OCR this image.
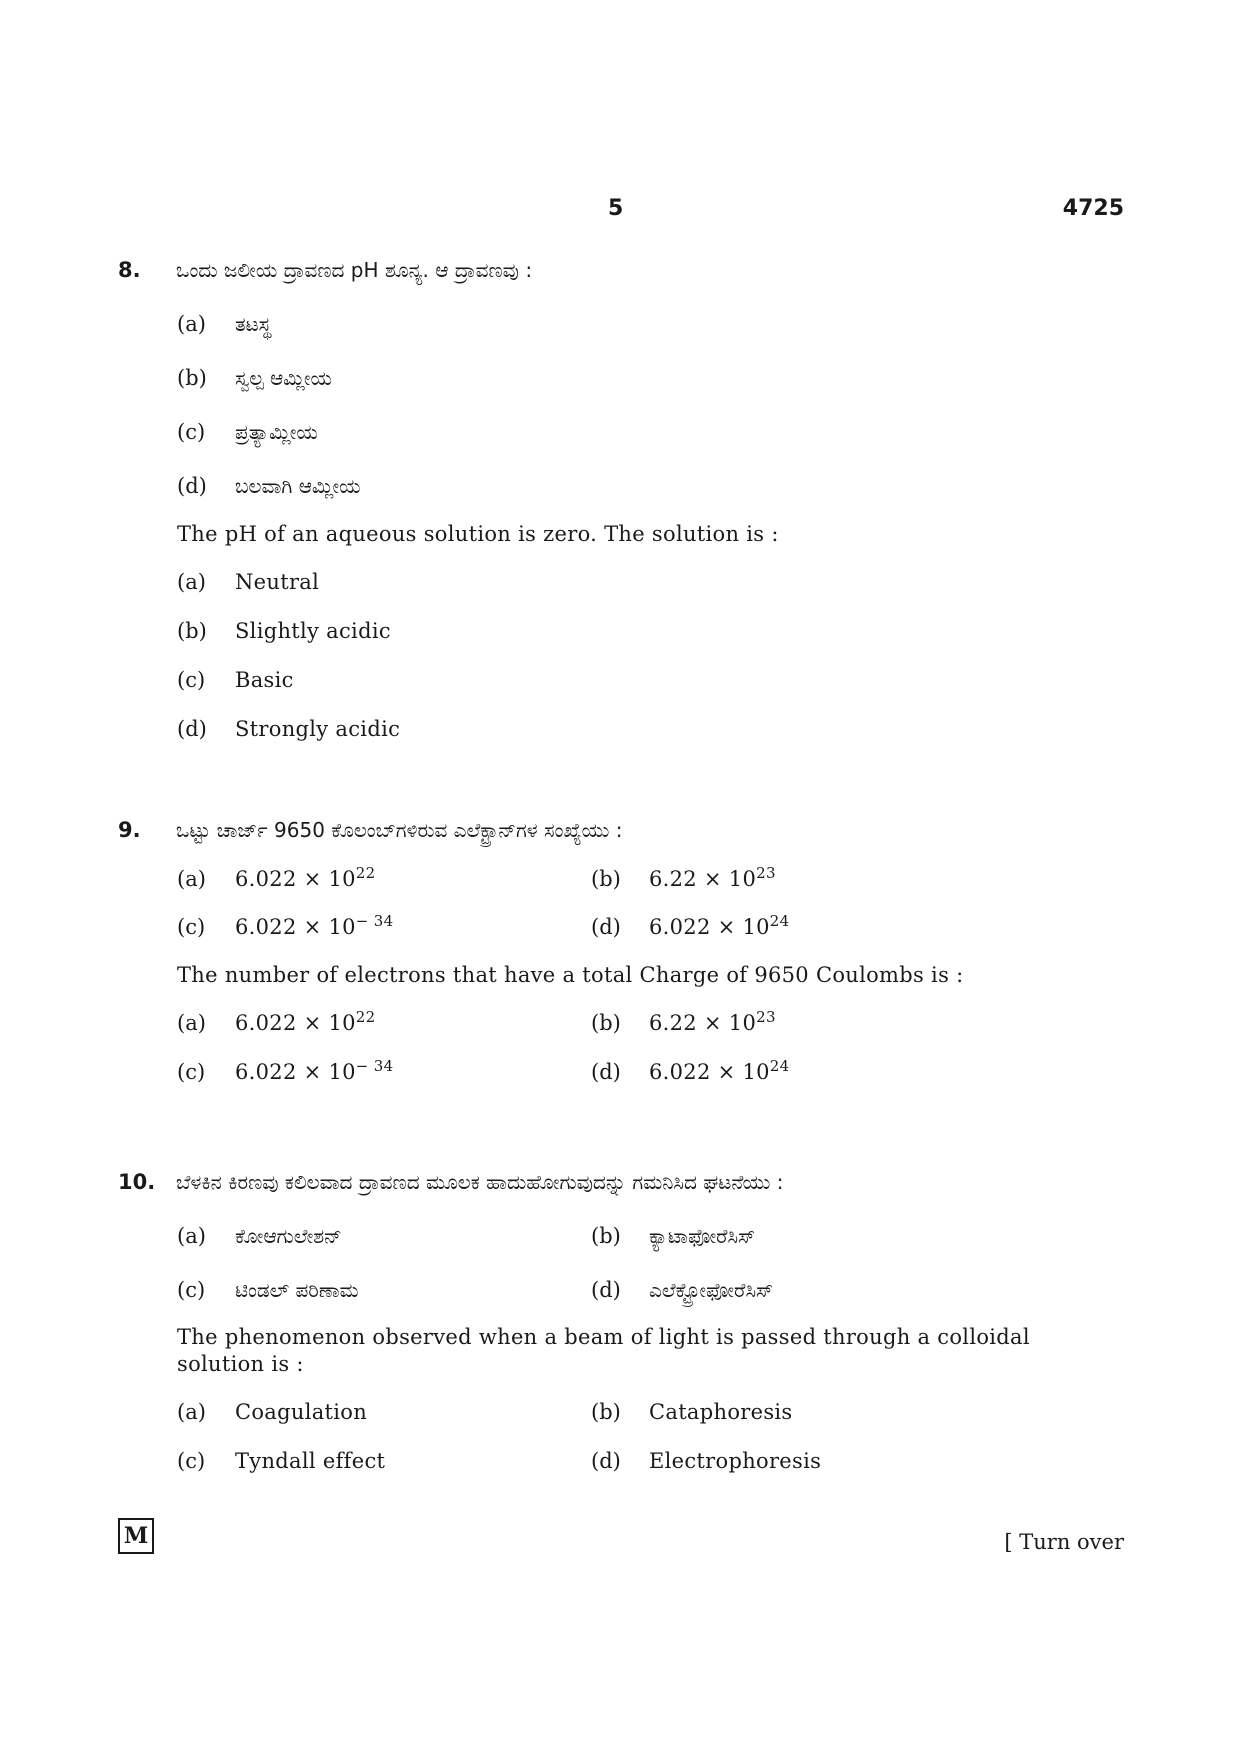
5	4725
8.	ಒಂದು ಜಲೀಯ ದ್ರಾವಣದ pH ಶೂನ್ಯ. ಆ ದ್ರಾವಣವು :
(a)	ತಟಸ್ಥ
(b)	ಸ್ವಲ್ಪ ಆಮ್ಲೀಯ
(c)	ಪ್ರತ್ಯಾಮ್ಲೀಯ
(d)	ಬಲವಾಗಿ ಆಮ್ಲೀಯ
The pH of an aqueous solution is zero. The solution is :
(a)	Neutral
(b)	Slightly acidic
(c)	Basic
(d)	Strongly acidic
9.	ಒಟ್ಟು ಚಾರ್ಜ್ 9650 ಕೊಲಂಬ್‌ಗಳಿರುವ ಎಲೆಕ್ಟ್ರಾನ್‌ಗಳ ಸಂಖ್ಯೆಯು :
(a)	$6.022 \times 10^{22}$	(b)	$6.22 \times 10^{23}$
(c)	$6.022 \times 10^{- 34}$	(d)	$6.022 \times 10^{24}$
The number of electrons that have a total Charge of 9650 Coulombs is :
(a)	$6.022 \times 10^{22}$	(b)	$6.22 \times 10^{23}$
(c)	$6.022 \times 10^{- 34}$	(d)	$6.022 \times 10^{24}$
10.	ಬೆಳಕಿನ ಕಿರಣವು ಕಲಿಲವಾದ ದ್ರಾವಣದ ಮೂಲಕ ಹಾದುಹೋಗುವುದನ್ನು ಗಮನಿಸಿದ ಘಟನೆಯು :
(a)	ಕೋಆಗುಲೇಶನ್	(b)	ಕ್ಯಾಟಾಫೋರೆಸಿಸ್
(c)	ಟಿಂಡಲ್ ಪರಿಣಾಮ	(d)	ಎಲೆಕ್ಟ್ರೋಫೋರೆಸಿಸ್
The phenomenon observed when a beam of light is passed through a colloidal
solution is :
(a)	Coagulation	(b)	Cataphoresis
(c)	Tyndall effect	(d)	Electrophoresis
M	[ Turn over
